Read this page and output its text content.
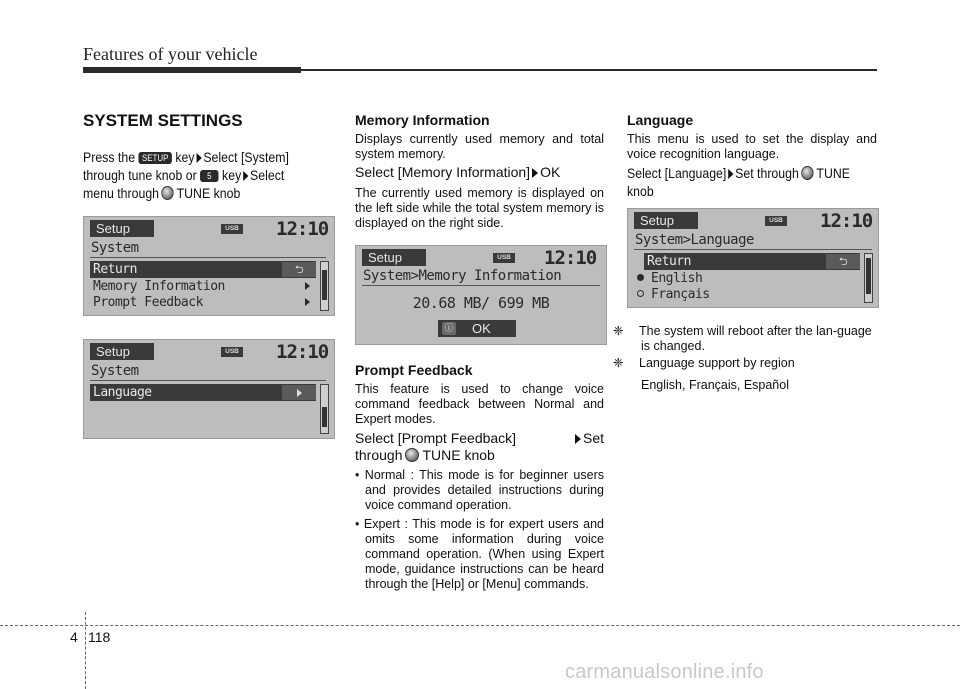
Features of your vehicle
SYSTEM SETTINGS
Press the SETUP key Select [System]
through tune knob or 5 key Select
menu through TUNE knob
Setup	USB 12:10
System
Return	⮌
Memory Information
Prompt Feedback
Setup	USB 12:10
System
Language
Memory Information
Displays currently used memory and total system memory.
Select [Memory Information] OK
The currently used memory is displayed on the left side while the total system memory is displayed on the right side.
Setup	USB 12:10
System>Memory Information
20.68 MB/ 699 MB
ⓘ OK
Prompt Feedback
This feature is used to change voice command feedback between Normal and Expert modes.
Select [Prompt Feedback]	Set
through TUNE knob
• Normal : This mode is for beginner users and provides detailed instructions during voice command operation.
• Expert : This mode is for expert users and omits some information during voice command operation. (When using Expert mode, guidance instructions can be heard through the [Help] or [Menu] commands.
Language
This menu is used to set the display and voice recognition language.
Select [Language] Set through TUNE
knob
Setup	USB 12:10
System>Language
Return	⮌
English
Français
❈ The system will reboot after the lan-guage is changed.
❈ Language support by region
English, Français, Español
4 118
carmanualsonline.info
